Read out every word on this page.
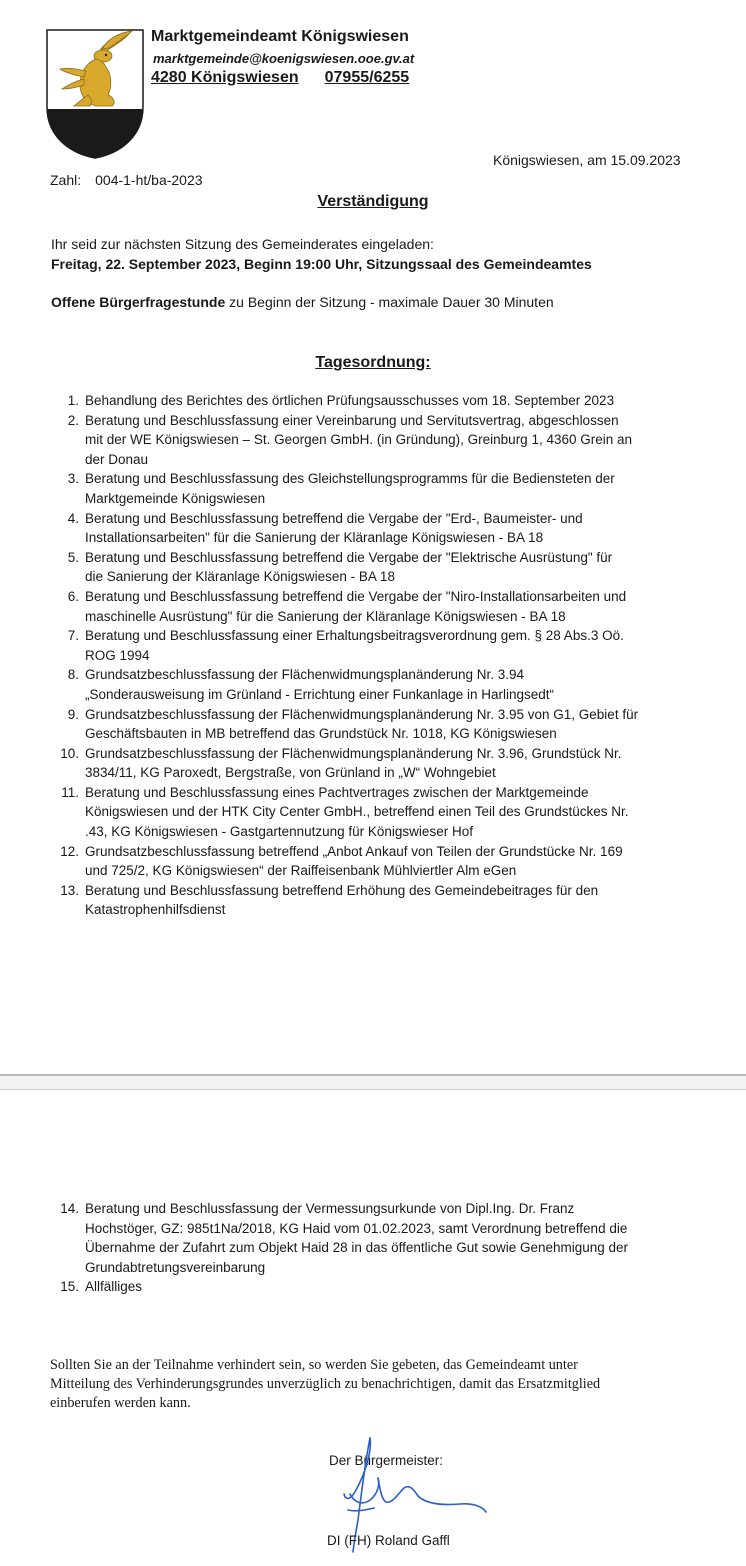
Marktgemeindeamt Königswiesen

marktgemeinde@koenigswiesen.ooe.gv.at

4280 Königswiesen 07955/6255

Königswiesen, am 15.09.2023

Zahl: 004-1-ht/ba-2023

Verständigung

Ihr seid zur nächsten Sitzung des Gemeinderates eingeladen:

Freitag, 22. September 2023, Beginn 19:00 Uhr, Sitzungssaal des Gemeindeamtes

Offene Bürgerfragestunde zu Beginn der Sitzung - maximale Dauer 30 Minuten

Tagesordnung:

1. Behandlung des Berichtes des örtlichen Prüfungsausschusses vom 18. September 2023
2. Beratung und Beschlussfassung einer Vereinbarung und Servitutsvertrag, abgeschlossen
mit der WE Königswiesen – St. Georgen GmbH. (in Gründung), Greinburg 1, 4360 Grein an
der Donau
3. Beratung und Beschlussfassung des Gleichstellungsprogramms für die Bediensteten der
Marktgemeinde Königswiesen
4. Beratung und Beschlussfassung betreffend die Vergabe der "Erd-, Baumeister- und
Installationsarbeiten" für die Sanierung der Kläranlage Königswiesen - BA 18
5. Beratung und Beschlussfassung betreffend die Vergabe der "Elektrische Ausrüstung" für
die Sanierung der Kläranlage Königswiesen - BA 18
6. Beratung und Beschlussfassung betreffend die Vergabe der "Niro-Installationsarbeiten und
maschinelle Ausrüstung" für die Sanierung der Kläranlage Königswiesen - BA 18
7. Beratung und Beschlussfassung einer Erhaltungsbeitragsverordnung gem. § 28 Abs.3 Oö.
ROG 1994
8. Grundsatzbeschlussfassung der Flächenwidmungsplanänderung Nr. 3.94
„Sonderausweisung im Grünland - Errichtung einer Funkanlage in Harlingsedt“
9. Grundsatzbeschlussfassung der Flächenwidmungsplanänderung Nr. 3.95 von G1, Gebiet für
Geschäftsbauten in MB betreffend das Grundstück Nr. 1018, KG Königswiesen
10. Grundsatzbeschlussfassung der Flächenwidmungsplanänderung Nr. 3.96, Grundstück Nr.
3834/11, KG Paroxedt, Bergstraße, von Grünland in „W“ Wohngebiet
11. Beratung und Beschlussfassung eines Pachtvertrages zwischen der Marktgemeinde
Königswiesen und der HTK City Center GmbH., betreffend einen Teil des Grundstückes Nr.
.43, KG Königswiesen - Gastgartennutzung für Königswieser Hof
12. Grundsatzbeschlussfassung betreffend „Anbot Ankauf von Teilen der Grundstücke Nr. 169
und 725/2, KG Königswiesen“ der Raiffeisenbank Mühlviertler Alm eGen
13. Beratung und Beschlussfassung betreffend Erhöhung des Gemeindebeitrages für den
Katastrophenhilfsdienst
14. Beratung und Beschlussfassung der Vermessungsurkunde von Dipl.Ing. Dr. Franz
Hochstöger, GZ: 985t1Na/2018, KG Haid vom 01.02.2023, samt Verordnung betreffend die
Übernahme der Zufahrt zum Objekt Haid 28 in das öffentliche Gut sowie Genehmigung der
Grundabtretungsvereinbarung
15. Allfälliges
Sollten Sie an der Teilnahme verhindert sein, so werden Sie gebeten, das Gemeindeamt unter
Mitteilung des Verhinderungsgrundes unverzüglich zu benachrichtigen, damit das Ersatzmitglied
einberufen werden kann.

Der Bürgermeister:

DI (FH) Roland Gaffl
